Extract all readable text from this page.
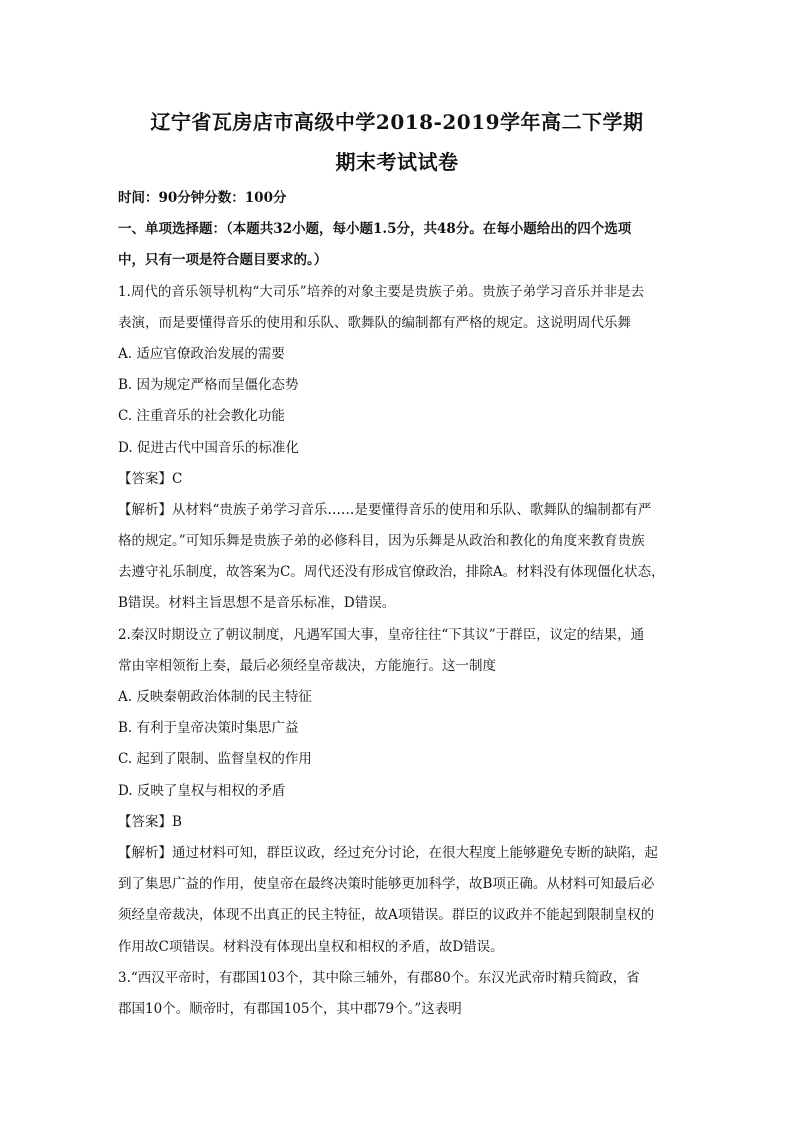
辽宁省瓦房店市高级中学2018-2019学年高二下学期
期末考试试卷
时间：90分钟分数：100分
一、单项选择题：（本题共32小题，每小题1.5分，共48分。在每小题给出的四个选项
中，只有一项是符合题目要求的。）
1.周代的音乐领导机构“大司乐”培养的对象主要是贵族子弟。贵族子弟学习音乐并非是去
表演，而是要懂得音乐的使用和乐队、歌舞队的编制都有严格的规定。这说明周代乐舞
A. 适应官僚政治发展的需要
B. 因为规定严格而呈僵化态势
C. 注重音乐的社会教化功能
D. 促进古代中国音乐的标准化
【答案】C
【解析】从材料“贵族子弟学习音乐……是要懂得音乐的使用和乐队、歌舞队的编制都有严
格的规定。”可知乐舞是贵族子弟的必修科目，因为乐舞是从政治和教化的角度来教育贵族
去遵守礼乐制度，故答案为C。周代还没有形成官僚政治，排除A。材料没有体现僵化状态，
B错误。材料主旨思想不是音乐标准，D错误。
2.秦汉时期设立了朝议制度，凡遇军国大事，皇帝往往“下其议”于群臣，议定的结果，通
常由宰相领衔上奏，最后必须经皇帝裁决，方能施行。这一制度
A. 反映秦朝政治体制的民主特征
B. 有利于皇帝决策时集思广益
C. 起到了限制、监督皇权的作用
D. 反映了皇权与相权的矛盾
【答案】B
【解析】通过材料可知，群臣议政，经过充分讨论，在很大程度上能够避免专断的缺陷，起
到了集思广益的作用，使皇帝在最终决策时能够更加科学，故B项正确。从材料可知最后必
须经皇帝裁决，体现不出真正的民主特征，故A项错误。群臣的议政并不能起到限制皇权的
作用故C项错误。材料没有体现出皇权和相权的矛盾，故D错误。
3.“西汉平帝时，有郡国103个，其中除三辅外，有郡80个。东汉光武帝时精兵简政，省
郡国10个。顺帝时，有郡国105个，其中郡79个。”这表明
